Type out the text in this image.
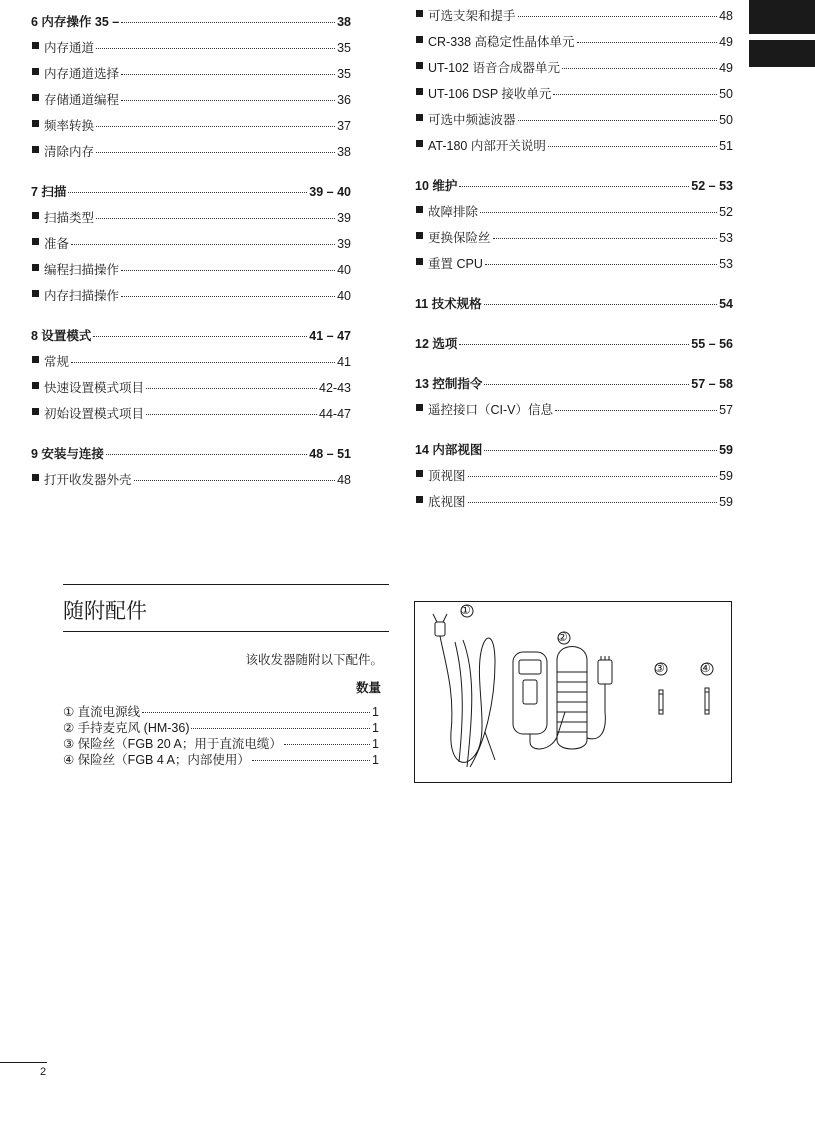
6 内存操作 35 –	38
内存通道	35
内存通道选择	35
存储通道编程	36
频率转换	37
清除内存	38
7 扫描	39 – 40
扫描类型	39
准备	39
编程扫描操作	40
内存扫描操作	40
8 设置模式	41 – 47
常规	41
快速设置模式项目	42-43
初始设置模式项目	44-47
9 安装与连接	48 – 51
打开收发器外壳	48
可选支架和提手	48
CR-338 高稳定性晶体单元	49
UT-102 语音合成器单元	49
UT-106 DSP 接收单元	50
可选中频滤波器	50
AT-180 内部开关说明	51
10 维护	52 – 53
故障排除	52
更换保险丝	53
重置 CPU	53
11 技术规格	54
12 选项	55 – 56
13 控制指令	57 – 58
遥控接口（CI-V）信息	57
14 内部视图	59
顶视图	59
底视图	59
随附配件
该收发器随附以下配件。
数量
① 直流电源线	1
② 手持麦克风 (HM-36)	1
③ 保险丝（FGB 20 A；用于直流电缆）	1
④ 保险丝（FGB 4 A；内部使用）	1
①
②
③	④
2
